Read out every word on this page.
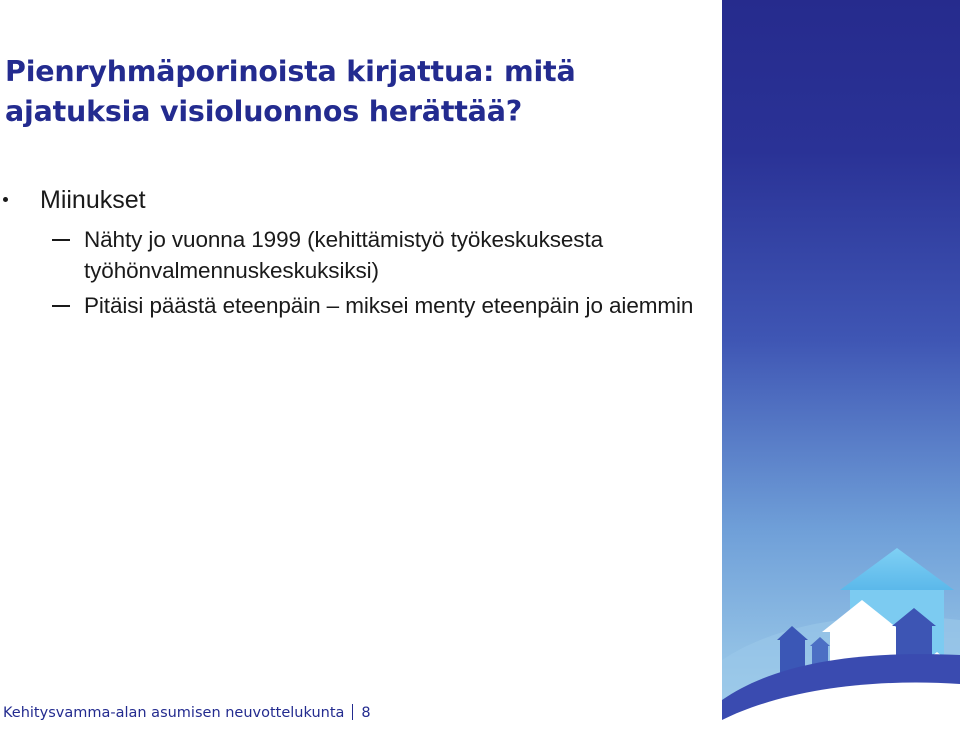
Pienryhmäporinoista kirjattua: mitä ajatuksia visioluonnos herättää?
Miinukset

Nähty jo vuonna 1999 (kehittämistyö työkeskuksesta työhönvalmennuskeskuksiksi)

Pitäisi päästä eteenpäin – miksei menty eteenpäin jo aiemmin

Kehitysvamma-alan asumisen neuvottelukunta 8
